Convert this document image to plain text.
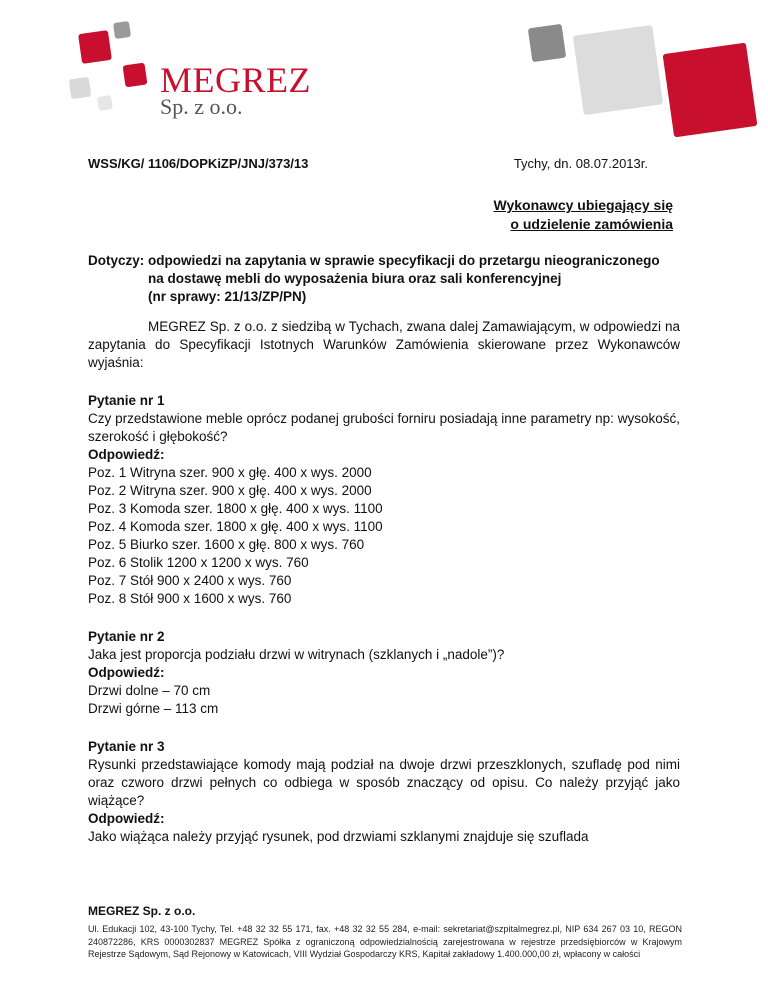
MEGREZ
Sp. z o.o.
WSS/KG/ 1106/DOPKiZP/JNJ/373/13	Tychy, dn. 08.07.2013r.
Wykonawcy ubiegający się
o udzielenie zamówienia
Dotyczy: odpowiedzi na zapytania w sprawie specyfikacji do przetargu nieograniczonego
na dostawę mebli do wyposażenia biura oraz sali konferencyjnej
(nr sprawy: 21/13/ZP/PN)

MEGREZ Sp. z o.o. z siedzibą w Tychach, zwana dalej Zamawiającym, w odpowiedzi na zapytania do Specyfikacji Istotnych Warunków Zamówienia skierowane przez Wykonawców wyjaśnia:

Pytanie nr 1

Czy przedstawione meble oprócz podanej grubości forniru posiadają inne parametry np: wysokość, szerokość i głębokość?

Odpowiedź:

Poz. 1 Witryna szer. 900 x głę. 400 x wys. 2000

Poz. 2 Witryna szer. 900 x głę. 400 x wys. 2000

Poz. 3 Komoda szer. 1800 x głę. 400 x wys. 1100

Poz. 4 Komoda szer. 1800 x głę. 400 x wys. 1100

Poz. 5 Biurko szer. 1600 x głę. 800 x wys. 760

Poz. 6 Stolik 1200 x 1200 x wys. 760

Poz. 7 Stół 900 x 2400 x wys. 760

Poz. 8 Stół 900 x 1600 x wys. 760

Pytanie nr 2

Jaka jest proporcja podziału drzwi w witrynach (szklanych i „nadole”)?

Odpowiedź:

Drzwi dolne – 70 cm

Drzwi górne – 113 cm

Pytanie nr 3

Rysunki przedstawiające komody mają podział na dwoje drzwi przeszklonych, szufladę pod nimi oraz czworo drzwi pełnych co odbiega w sposób znaczący od opisu. Co należy przyjąć jako wiążące?

Odpowiedź:

Jako wiążąca należy przyjąć rysunek, pod drzwiami szklanymi znajduje się szuflada

MEGREZ Sp. z o.o.
Ul. Edukacji 102, 43-100 Tychy, Tel. +48 32 32 55 171, fax. +48 32 32 55 284, e-mail: sekretariat@szpitalmegrez.pl, NIP 634 267 03 10, REGON 240872286, KRS 0000302837 MEGREZ Spółka z ograniczoną odpowiedzialnością zarejestrowana w rejestrze przedsiębiorców w Krajowym Rejestrze Sądowym, Sąd Rejonowy w Katowicach, VIII Wydział Gospodarczy KRS, Kapitał zakładowy 1.400.000,00 zł, wpłacony w całości
